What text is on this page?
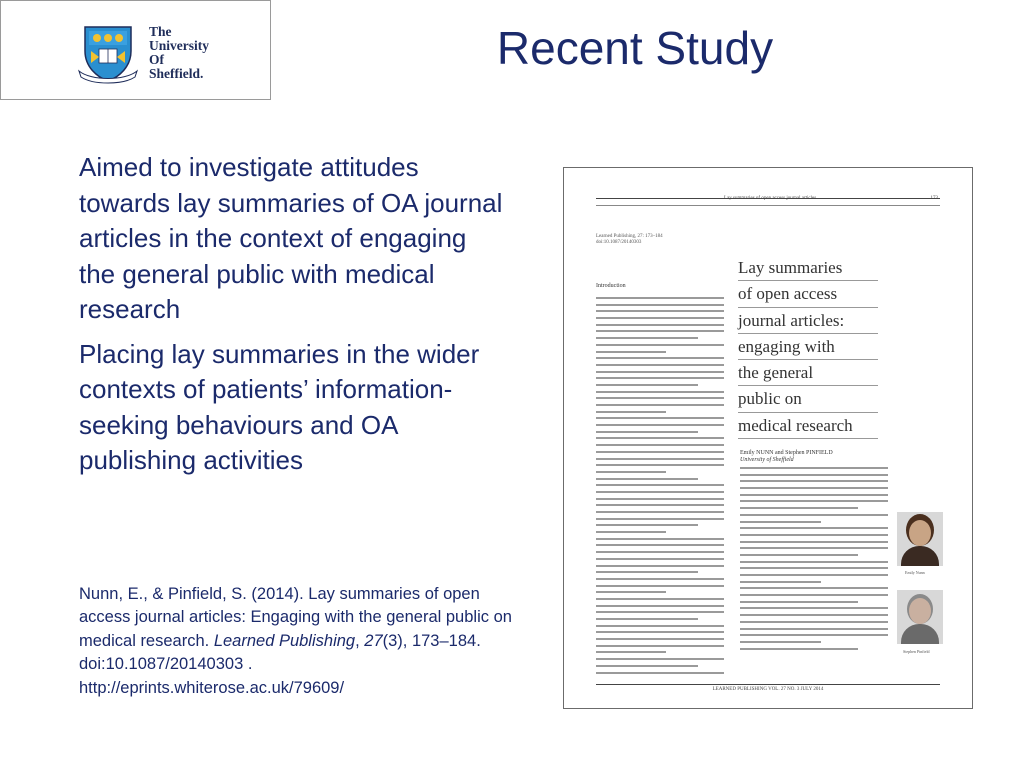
The
University
Of
Sheffield.	Recent Study
Aimed to investigate attitudes towards lay summaries of OA journal articles in the context of engaging the general public with medical research
Placing lay summaries in the wider contexts of patients’ information-seeking behaviours and OA publishing activities
Nunn, E., & Pinfield, S. (2014). Lay summaries of open access journal articles: Engaging with the general public on medical research. Learned Publishing, 27(3), 173–184.
doi:10.1087/20140303 .
http://eprints.whiterose.ac.uk/79609/
Lay summaries of open access journal articles	173
Learned Publishing, 27: 173–184
doi:10.1087/20140303
Lay summaries
of open access
journal articles:
engaging with
the general
public on
medical research
Emily NUNN and Stephen PINFIELD
University of Sheffield
Introduction
Emily Nunn
Stephen Pinfield
LEARNED PUBLISHING VOL. 27 NO. 3 JULY 2014
